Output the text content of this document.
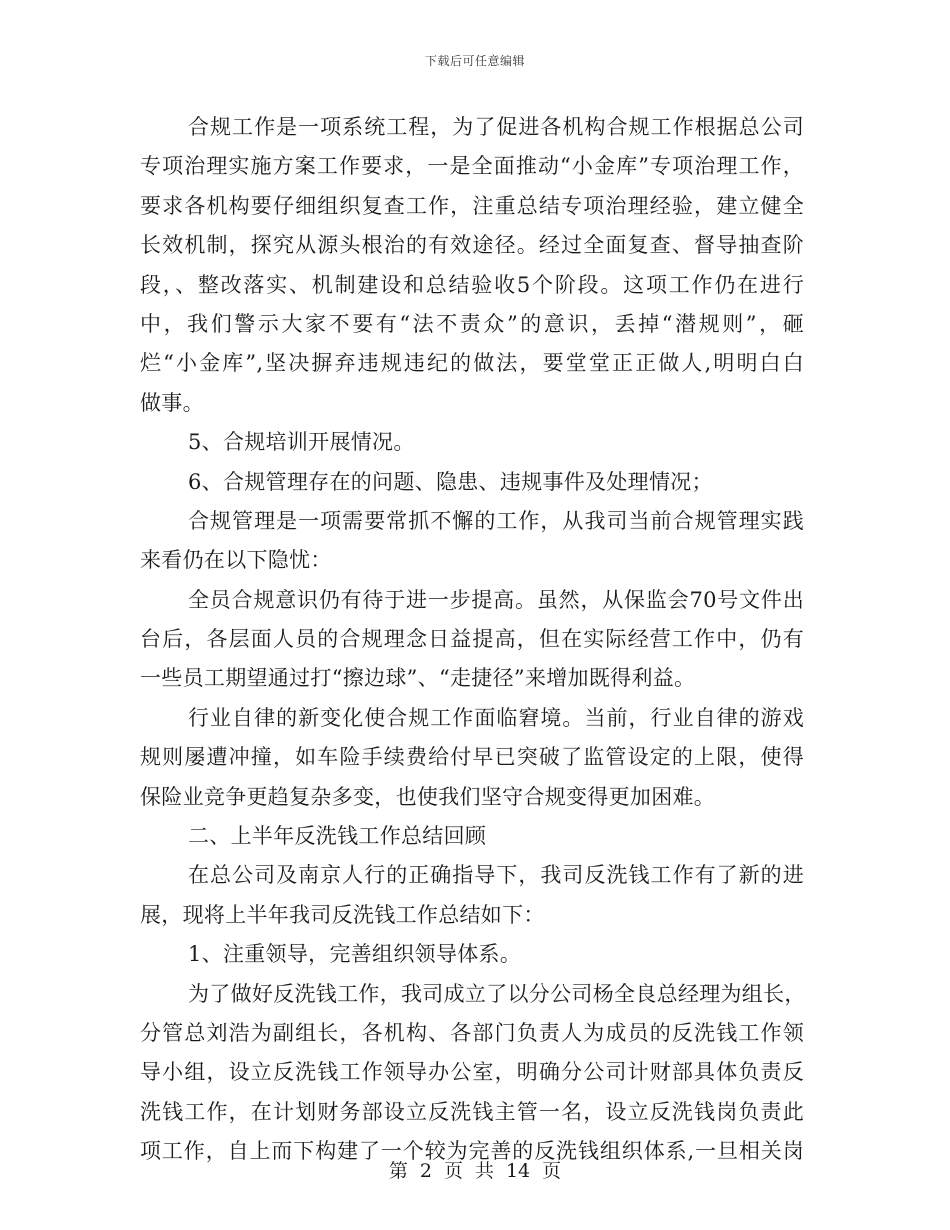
下载后可任意编辑
合规工作是一项系统工程，为了促进各机构合规工作根据总公司
专项治理实施方案工作要求，一是全面推动“小金库”专项治理工作，
要求各机构要仔细组织复查工作，注重总结专项治理经验，建立健全
长效机制，探究从源头根治的有效途径。经过全面复查、督导抽查阶
段，、整改落实、机制建设和总结验收5个阶段。这项工作仍在进行
中，我们警示大家不要有“法不责众”的意识，丢掉“潜规则”，砸
烂“小金库”,坚决摒弃违规违纪的做法，要堂堂正正做人,明明白白
做事。
5、合规培训开展情况。
6、合规管理存在的问题、隐患、违规事件及处理情况；
合规管理是一项需要常抓不懈的工作，从我司当前合规管理实践
来看仍在以下隐忧：
全员合规意识仍有待于进一步提高。虽然，从保监会70号文件出
台后，各层面人员的合规理念日益提高，但在实际经营工作中，仍有
一些员工期望通过打“擦边球”、“走捷径”来增加既得利益。
行业自律的新变化使合规工作面临窘境。当前，行业自律的游戏
规则屡遭冲撞，如车险手续费给付早已突破了监管设定的上限，使得
保险业竞争更趋复杂多变，也使我们坚守合规变得更加困难。
二、上半年反洗钱工作总结回顾
在总公司及南京人行的正确指导下，我司反洗钱工作有了新的进
展，现将上半年我司反洗钱工作总结如下：
1、注重领导，完善组织领导体系。
为了做好反洗钱工作，我司成立了以分公司杨全良总经理为组长，
分管总刘浩为副组长，各机构、各部门负责人为成员的反洗钱工作领
导小组，设立反洗钱工作领导办公室，明确分公司计财部具体负责反
洗钱工作，在计划财务部设立反洗钱主管一名，设立反洗钱岗负责此
项工作，自上而下构建了一个较为完善的反洗钱组织体系,一旦相关岗
第 2 页 共 14 页
